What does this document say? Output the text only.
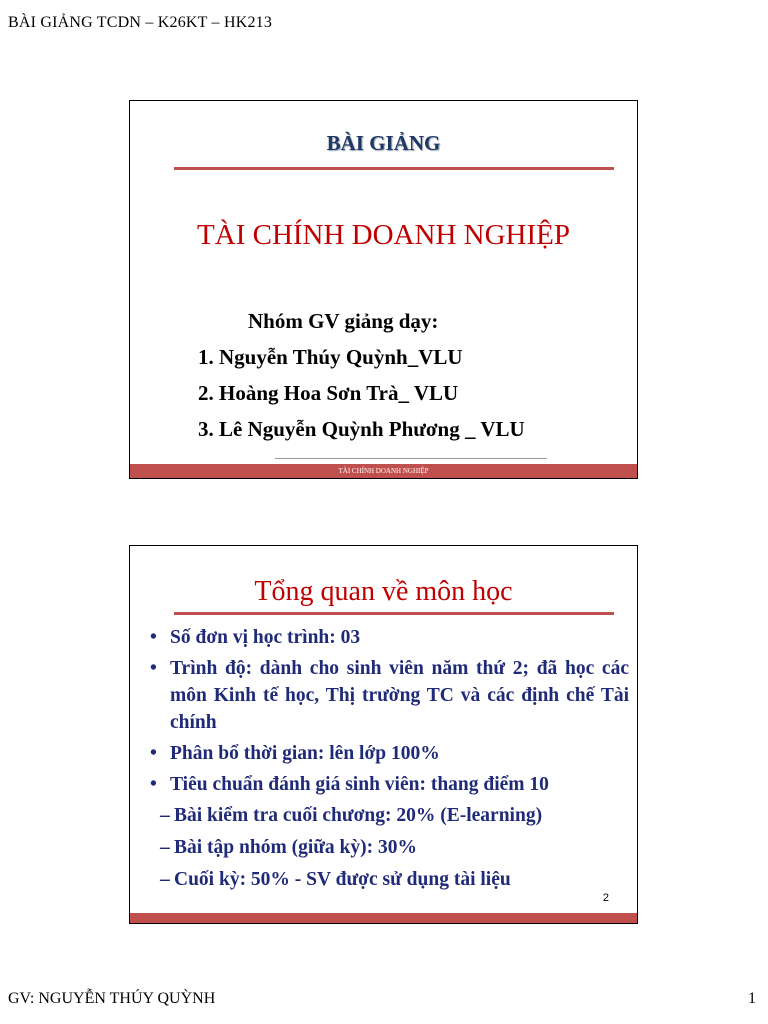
BÀI GIẢNG TCDN – K26KT – HK213
BÀI GIẢNG
TÀI CHÍNH DOANH NGHIỆP
Nhóm GV giảng dạy:
1. Nguyễn Thúy Quỳnh_VLU
2. Hoàng Hoa Sơn Trà_ VLU
3. Lê Nguyễn Quỳnh Phương _ VLU
TÀI CHÍNH DOANH NGHIỆP
Tổng quan về môn học
• Số đơn vị học trình: 03
• Trình độ: dành cho sinh viên năm thứ 2; đã học các môn Kinh tế học, Thị trường TC và các định chế Tài chính
• Phân bổ thời gian: lên lớp 100%
• Tiêu chuẩn đánh giá sinh viên: thang điểm 10
– Bài kiểm tra cuối chương: 20% (E-learning)
– Bài tập nhóm (giữa kỳ): 30%
– Cuối kỳ: 50% - SV được sử dụng tài liệu
2
GV: NGUYỄN THÚY QUỲNH	1
